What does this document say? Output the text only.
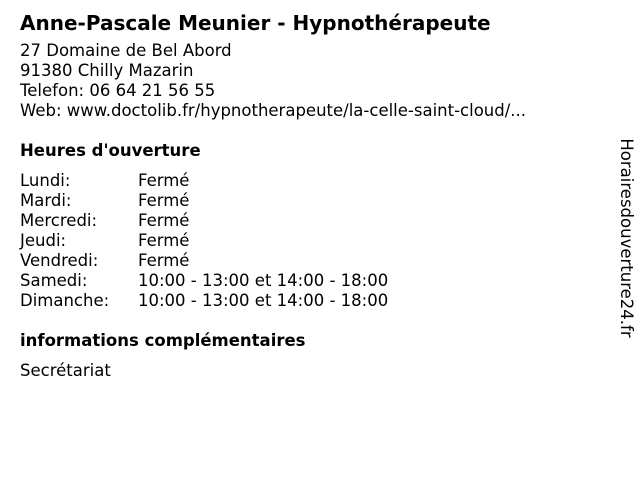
Anne-Pascale Meunier - Hypnothérapeute
27 Domaine de Bel Abord
91380 Chilly Mazarin
Telefon: 06 64 21 56 55
Web: www.doctolib.fr/hypnotherapeute/la-celle-saint-cloud/...
Heures d'ouverture
Lundi:	Fermé
Mardi:	Fermé
Mercredi:	Fermé
Jeudi:	Fermé
Vendredi:	Fermé
Samedi:	10:00 - 13:00 et 14:00 - 18:00
Dimanche:	10:00 - 13:00 et 14:00 - 18:00
informations complémentaires
Secrétariat
Horairesdouverture24.fr
